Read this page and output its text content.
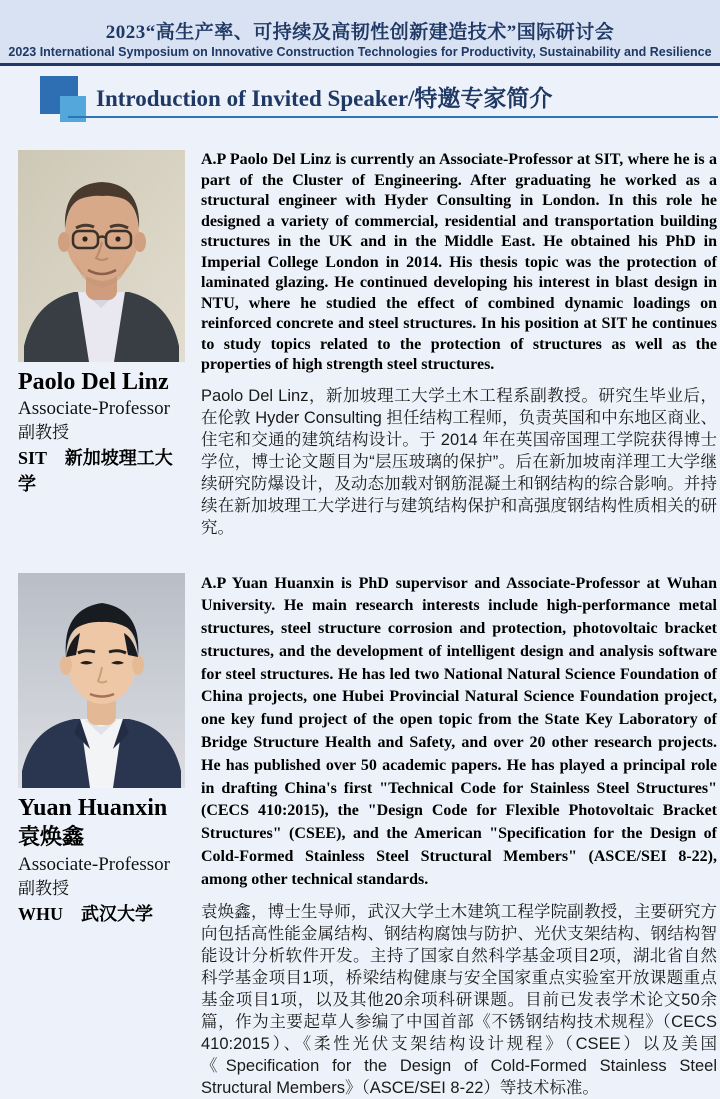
2023“高生产率、可持续及高韧性创新建造技术”国际研讨会
2023 International Symposium on Innovative Construction Technologies for Productivity, Sustainability and Resilience
Introduction of Invited Speaker/特邀专家简介
Paolo Del Linz
Associate-Professor
副教授
SIT　新加坡理工大学

A.P Paolo Del Linz is currently an Associate-Professor at SIT, where he is a part of the Cluster of Engineering. After graduating he worked as a structural engineer with Hyder Consulting in London. In this role he designed a variety of commercial, residential and transportation building structures in the UK and in the Middle East. He obtained his PhD in Imperial College London in 2014. His thesis topic was the protection of laminated glazing. He continued developing his interest in blast design in NTU, where he studied the effect of combined dynamic loadings on reinforced concrete and steel structures. In his position at SIT he continues to study topics related to the protection of structures as well as the properties of high strength steel structures.

Paolo Del Linz，新加坡理工大学土木工程系副教授。研究生毕业后，在伦敦 Hyder Consulting 担任结构工程师，负责英国和中东地区商业、住宅和交通的建筑结构设计。于 2014 年在英国帝国理工学院获得博士学位，博士论文题目为“层压玻璃的保护”。后在新加坡南洋理工大学继续研究防爆设计，及动态加载对钢筋混凝土和钢结构的综合影响。并持续在新加坡理工大学进行与建筑结构保护和高强度钢结构性质相关的研究。

Yuan Huanxin
袁焕鑫
Associate-Professor
副教授
WHU　武汉大学

A.P Yuan Huanxin is PhD supervisor and Associate-Professor at Wuhan University. He main research interests include high-performance metal structures, steel structure corrosion and protection, photovoltaic bracket structures, and the development of intelligent design and analysis software for steel structures. He has led two National Natural Science Foundation of China projects, one Hubei Provincial Natural Science Foundation project, one key fund project of the open topic from the State Key Laboratory of Bridge Structure Health and Safety, and over 20 other research projects. He has published over 50 academic papers. He has played a principal role in drafting China's first "Technical Code for Stainless Steel Structures" (CECS 410:2015), the "Design Code for Flexible Photovoltaic Bracket Structures" (CSEE), and the American "Specification for the Design of Cold-Formed Stainless Steel Structural Members" (ASCE/SEI 8-22), among other technical standards.

袁焕鑫，博士生导师，武汉大学土木建筑工程学院副教授，主要研究方向包括高性能金属结构、钢结构腐蚀与防护、光伏支架结构、钢结构智能设计分析软件开发。主持了国家自然科学基金项目2项，湖北省自然科学基金项目1项，桥梁结构健康与安全国家重点实验室开放课题重点基金项目1项，以及其他20余项科研课题。目前已发表学术论文50余篇，作为主要起草人参编了中国首部《不锈钢结构技术规程》（CECS 410:2015）、《柔性光伏支架结构设计规程》（CSEE）以及美国《Specification for the Design of Cold-Formed Stainless Steel Structural Members》（ASCE/SEI 8-22）等技术标准。
